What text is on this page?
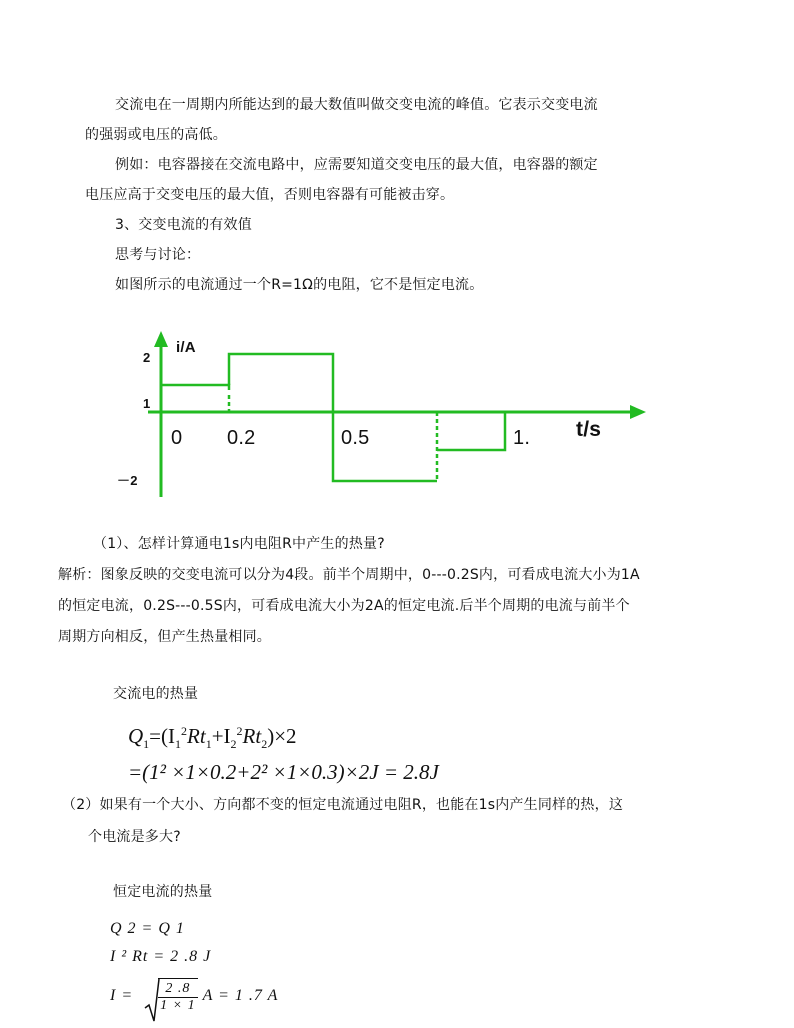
交流电在一周期内所能达到的最大数值叫做交变电流的峰值。它表示交变电流
的强弱或电压的高低。
例如：电容器接在交流电路中，应需要知道交变电压的最大值，电容器的额定
电压应高于交变电压的最大值，否则电容器有可能被击穿。
3、交变电流的有效值
思考与讨论：
如图所示的电流通过一个R=1Ω的电阻，它不是恒定电流。
i/A
t/s
2
1
－2
0 0.2	0.5	1.
（1）、怎样计算通电1s内电阻R中产生的热量?
解析：图象反映的交变电流可以分为4段。前半个周期中，0---0.2S内，可看成电流大小为1A
的恒定电流，0.2S---0.5S内，可看成电流大小为2A的恒定电流.后半个周期的电流与前半个
周期方向相反，但产生热量相同。
交流电的热量
$Q_1=(I_1^2Rt_1+I_2^2Rt_2)\times 2$
=(1² ×1×0.2+2² ×1×0.3)×2J = 2.8J
（2）如果有一个大小、方向都不变的恒定电流通过电阻R，也能在1s内产生同样的热，这
个电流是多大?
恒定电流的热量
Q 2 = Q 1
I ² Rt = 2 .8 J
$I = \frac{2 .8}{1 \times 1}$ A = 1 .7 A
